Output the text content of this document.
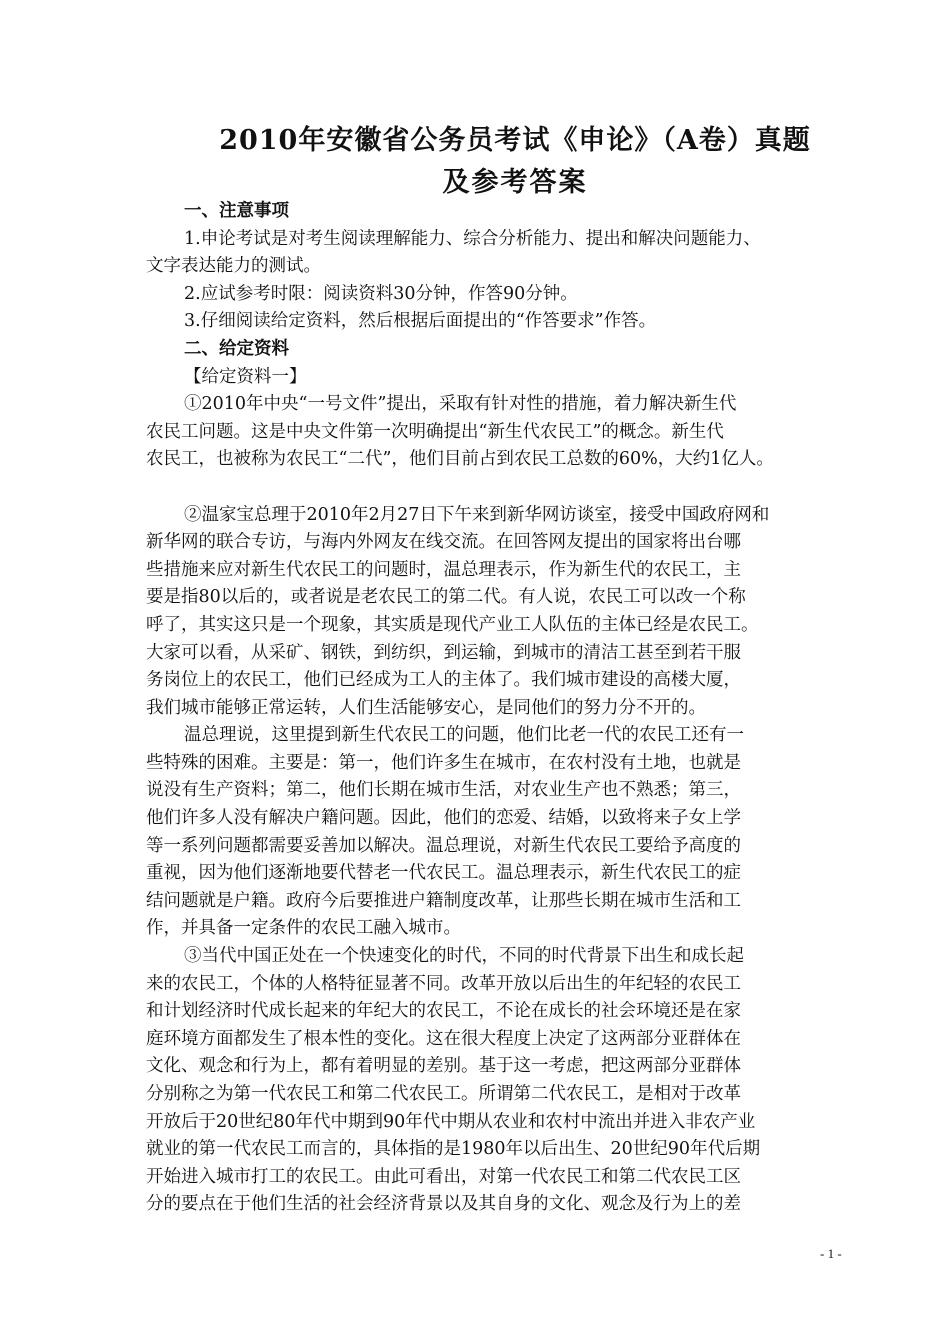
2010年安徽省公务员考试《申论》（A卷）真题
及参考答案
一、注意事项
1.申论考试是对考生阅读理解能力、综合分析能力、提出和解决问题能力、
文字表达能力的测试。
2.应试参考时限：阅读资料30分钟，作答90分钟。
3.仔细阅读给定资料，然后根据后面提出的“作答要求”作答。
二、给定资料
【给定资料一】
①2010年中央“一号文件”提出，采取有针对性的措施，着力解决新生代
农民工问题。这是中央文件第一次明确提出“新生代农民工”的概念。新生代
农民工，也被称为农民工“二代”，他们目前占到农民工总数的60%，大约1亿人。
②温家宝总理于2010年2月27日下午来到新华网访谈室，接受中国政府网和
新华网的联合专访，与海内外网友在线交流。在回答网友提出的国家将出台哪
些措施来应对新生代农民工的问题时，温总理表示，作为新生代的农民工，主
要是指80以后的，或者说是老农民工的第二代。有人说，农民工可以改一个称
呼了，其实这只是一个现象，其实质是现代产业工人队伍的主体已经是农民工。
大家可以看，从采矿、钢铁，到纺织，到运输，到城市的清洁工甚至到若干服
务岗位上的农民工，他们已经成为工人的主体了。我们城市建设的高楼大厦，
我们城市能够正常运转，人们生活能够安心，是同他们的努力分不开的。
温总理说，这里提到新生代农民工的问题，他们比老一代的农民工还有一
些特殊的困难。主要是：第一，他们许多生在城市，在农村没有土地，也就是
说没有生产资料；第二，他们长期在城市生活，对农业生产也不熟悉；第三，
他们许多人没有解决户籍问题。因此，他们的恋爱、结婚，以致将来子女上学
等一系列问题都需要妥善加以解决。温总理说，对新生代农民工要给予高度的
重视，因为他们逐渐地要代替老一代农民工。温总理表示，新生代农民工的症
结问题就是户籍。政府今后要推进户籍制度改革，让那些长期在城市生活和工
作，并具备一定条件的农民工融入城市。
③当代中国正处在一个快速变化的时代，不同的时代背景下出生和成长起
来的农民工，个体的人格特征显著不同。改革开放以后出生的年纪轻的农民工
和计划经济时代成长起来的年纪大的农民工，不论在成长的社会环境还是在家
庭环境方面都发生了根本性的变化。这在很大程度上决定了这两部分亚群体在
文化、观念和行为上，都有着明显的差别。基于这一考虑，把这两部分亚群体
分别称之为第一代农民工和第二代农民工。所谓第二代农民工，是相对于改革
开放后于20世纪80年代中期到90年代中期从农业和农村中流出并进入非农产业
就业的第一代农民工而言的，具体指的是1980年以后出生、20世纪90年代后期
开始进入城市打工的农民工。由此可看出，对第一代农民工和第二代农民工区
分的要点在于他们生活的社会经济背景以及其自身的文化、观念及行为上的差
- 1 -
